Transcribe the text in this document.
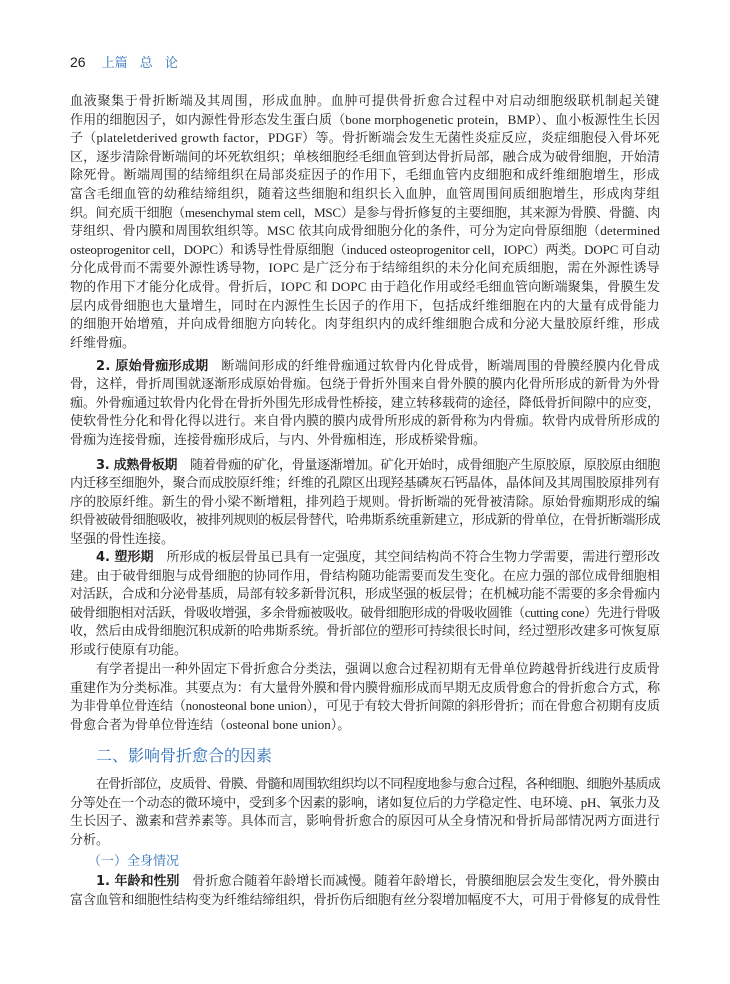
26 上篇 总 论
血液聚集于骨折断端及其周围，形成血肿。血肿可提供骨折愈合过程中对启动细胞级联机制起关键
作用的细胞因子，如内源性骨形态发生蛋白质（bone morphogenetic protein，BMP）、血小板源性生长因
子（plateletderived growth factor，PDGF）等。骨折断端会发生无菌性炎症反应，炎症细胞侵入骨坏死
区，逐步清除骨断端间的坏死软组织；单核细胞经毛细血管到达骨折局部，融合成为破骨细胞，开始清
除死骨。断端周围的结缔组织在局部炎症因子的作用下，毛细血管内皮细胞和成纤维细胞增生，形成
富含毛细血管的幼稚结缔组织，随着这些细胞和组织长入血肿，血管周围间质细胞增生，形成肉芽组
织。间充质干细胞（mesenchymal stem cell，MSC）是参与骨折修复的主要细胞，其来源为骨膜、骨髓、肉
芽组织、骨内膜和周围软组织等。MSC 依其向成骨细胞分化的条件，可分为定向骨原细胞（determined
osteoprogenitor cell，DOPC）和诱导性骨原细胞（induced osteoprogenitor cell，IOPC）两类。DOPC 可自动
分化成骨而不需要外源性诱导物，IOPC 是广泛分布于结缔组织的未分化间充质细胞，需在外源性诱导
物的作用下才能分化成骨。骨折后，IOPC 和 DOPC 由于趋化作用或经毛细血管向断端聚集，骨膜生发
层内成骨细胞也大量增生，同时在内源性生长因子的作用下，包括成纤维细胞在内的大量有成骨能力
的细胞开始增殖，并向成骨细胞方向转化。肉芽组织内的成纤维细胞合成和分泌大量胶原纤维，形成
纤维骨痂。
2. 原始骨痂形成期 断端间形成的纤维骨痂通过软骨内化骨成骨，断端周围的骨膜经膜内化骨成
骨，这样，骨折周围就逐渐形成原始骨痂。包绕于骨折外围来自骨外膜的膜内化骨所形成的新骨为外骨
痂。外骨痂通过软骨内化骨在骨折外围先形成骨性桥接，建立转移载荷的途径，降低骨折间隙中的应变，
使软骨性分化和骨化得以进行。来自骨内膜的膜内成骨所形成的新骨称为内骨痂。软骨内成骨所形成的
骨痂为连接骨痂，连接骨痂形成后，与内、外骨痂相连，形成桥梁骨痂。
3. 成熟骨板期 随着骨痂的矿化，骨量逐渐增加。矿化开始时，成骨细胞产生原胶原，原胶原由细胞
内迁移至细胞外，聚合而成胶原纤维；纤维的孔隙区出现羟基磷灰石钙晶体，晶体间及其周围胶原排列有
序的胶原纤维。新生的骨小梁不断增粗，排列趋于规则。骨折断端的死骨被清除。原始骨痂期形成的编
织骨被破骨细胞吸收，被排列规则的板层骨替代，哈弗斯系统重新建立，形成新的骨单位，在骨折断端形成
坚强的骨性连接。
4. 塑形期 所形成的板层骨虽已具有一定强度，其空间结构尚不符合生物力学需要，需进行塑形改
建。由于破骨细胞与成骨细胞的协同作用，骨结构随功能需要而发生变化。在应力强的部位成骨细胞相
对活跃，合成和分泌骨基质，局部有较多新骨沉积，形成坚强的板层骨；在机械功能不需要的多余骨痂内
破骨细胞相对活跃，骨吸收增强，多余骨痂被吸收。破骨细胞形成的骨吸收圆锥（cutting cone）先进行骨吸
收，然后由成骨细胞沉积成新的哈弗斯系统。骨折部位的塑形可持续很长时间，经过塑形改建多可恢复原
形或行使原有功能。
有学者提出一种外固定下骨折愈合分类法，强调以愈合过程初期有无骨单位跨越骨折线进行皮质骨
重建作为分类标准。其要点为：有大量骨外膜和骨内膜骨痂形成而早期无皮质骨愈合的骨折愈合方式，称
为非骨单位骨连结（nonosteonal bone union），可见于有较大骨折间隙的斜形骨折；而在骨愈合初期有皮质
骨愈合者为骨单位骨连结（osteonal bone union）。
二、影响骨折愈合的因素
在骨折部位，皮质骨、骨膜、骨髓和周围软组织均以不同程度地参与愈合过程，各种细胞、细胞外基质成
分等处在一个动态的微环境中，受到多个因素的影响，诸如复位后的力学稳定性、电环境、pH、氧张力及
生长因子、激素和营养素等。具体而言，影响骨折愈合的原因可从全身情况和骨折局部情况两方面进行
分析。
（一）全身情况
1. 年龄和性别 骨折愈合随着年龄增长而减慢。随着年龄增长，骨膜细胞层会发生变化，骨外膜由
富含血管和细胞性结构变为纤维结缔组织，骨折伤后细胞有丝分裂增加幅度不大，可用于骨修复的成骨性
